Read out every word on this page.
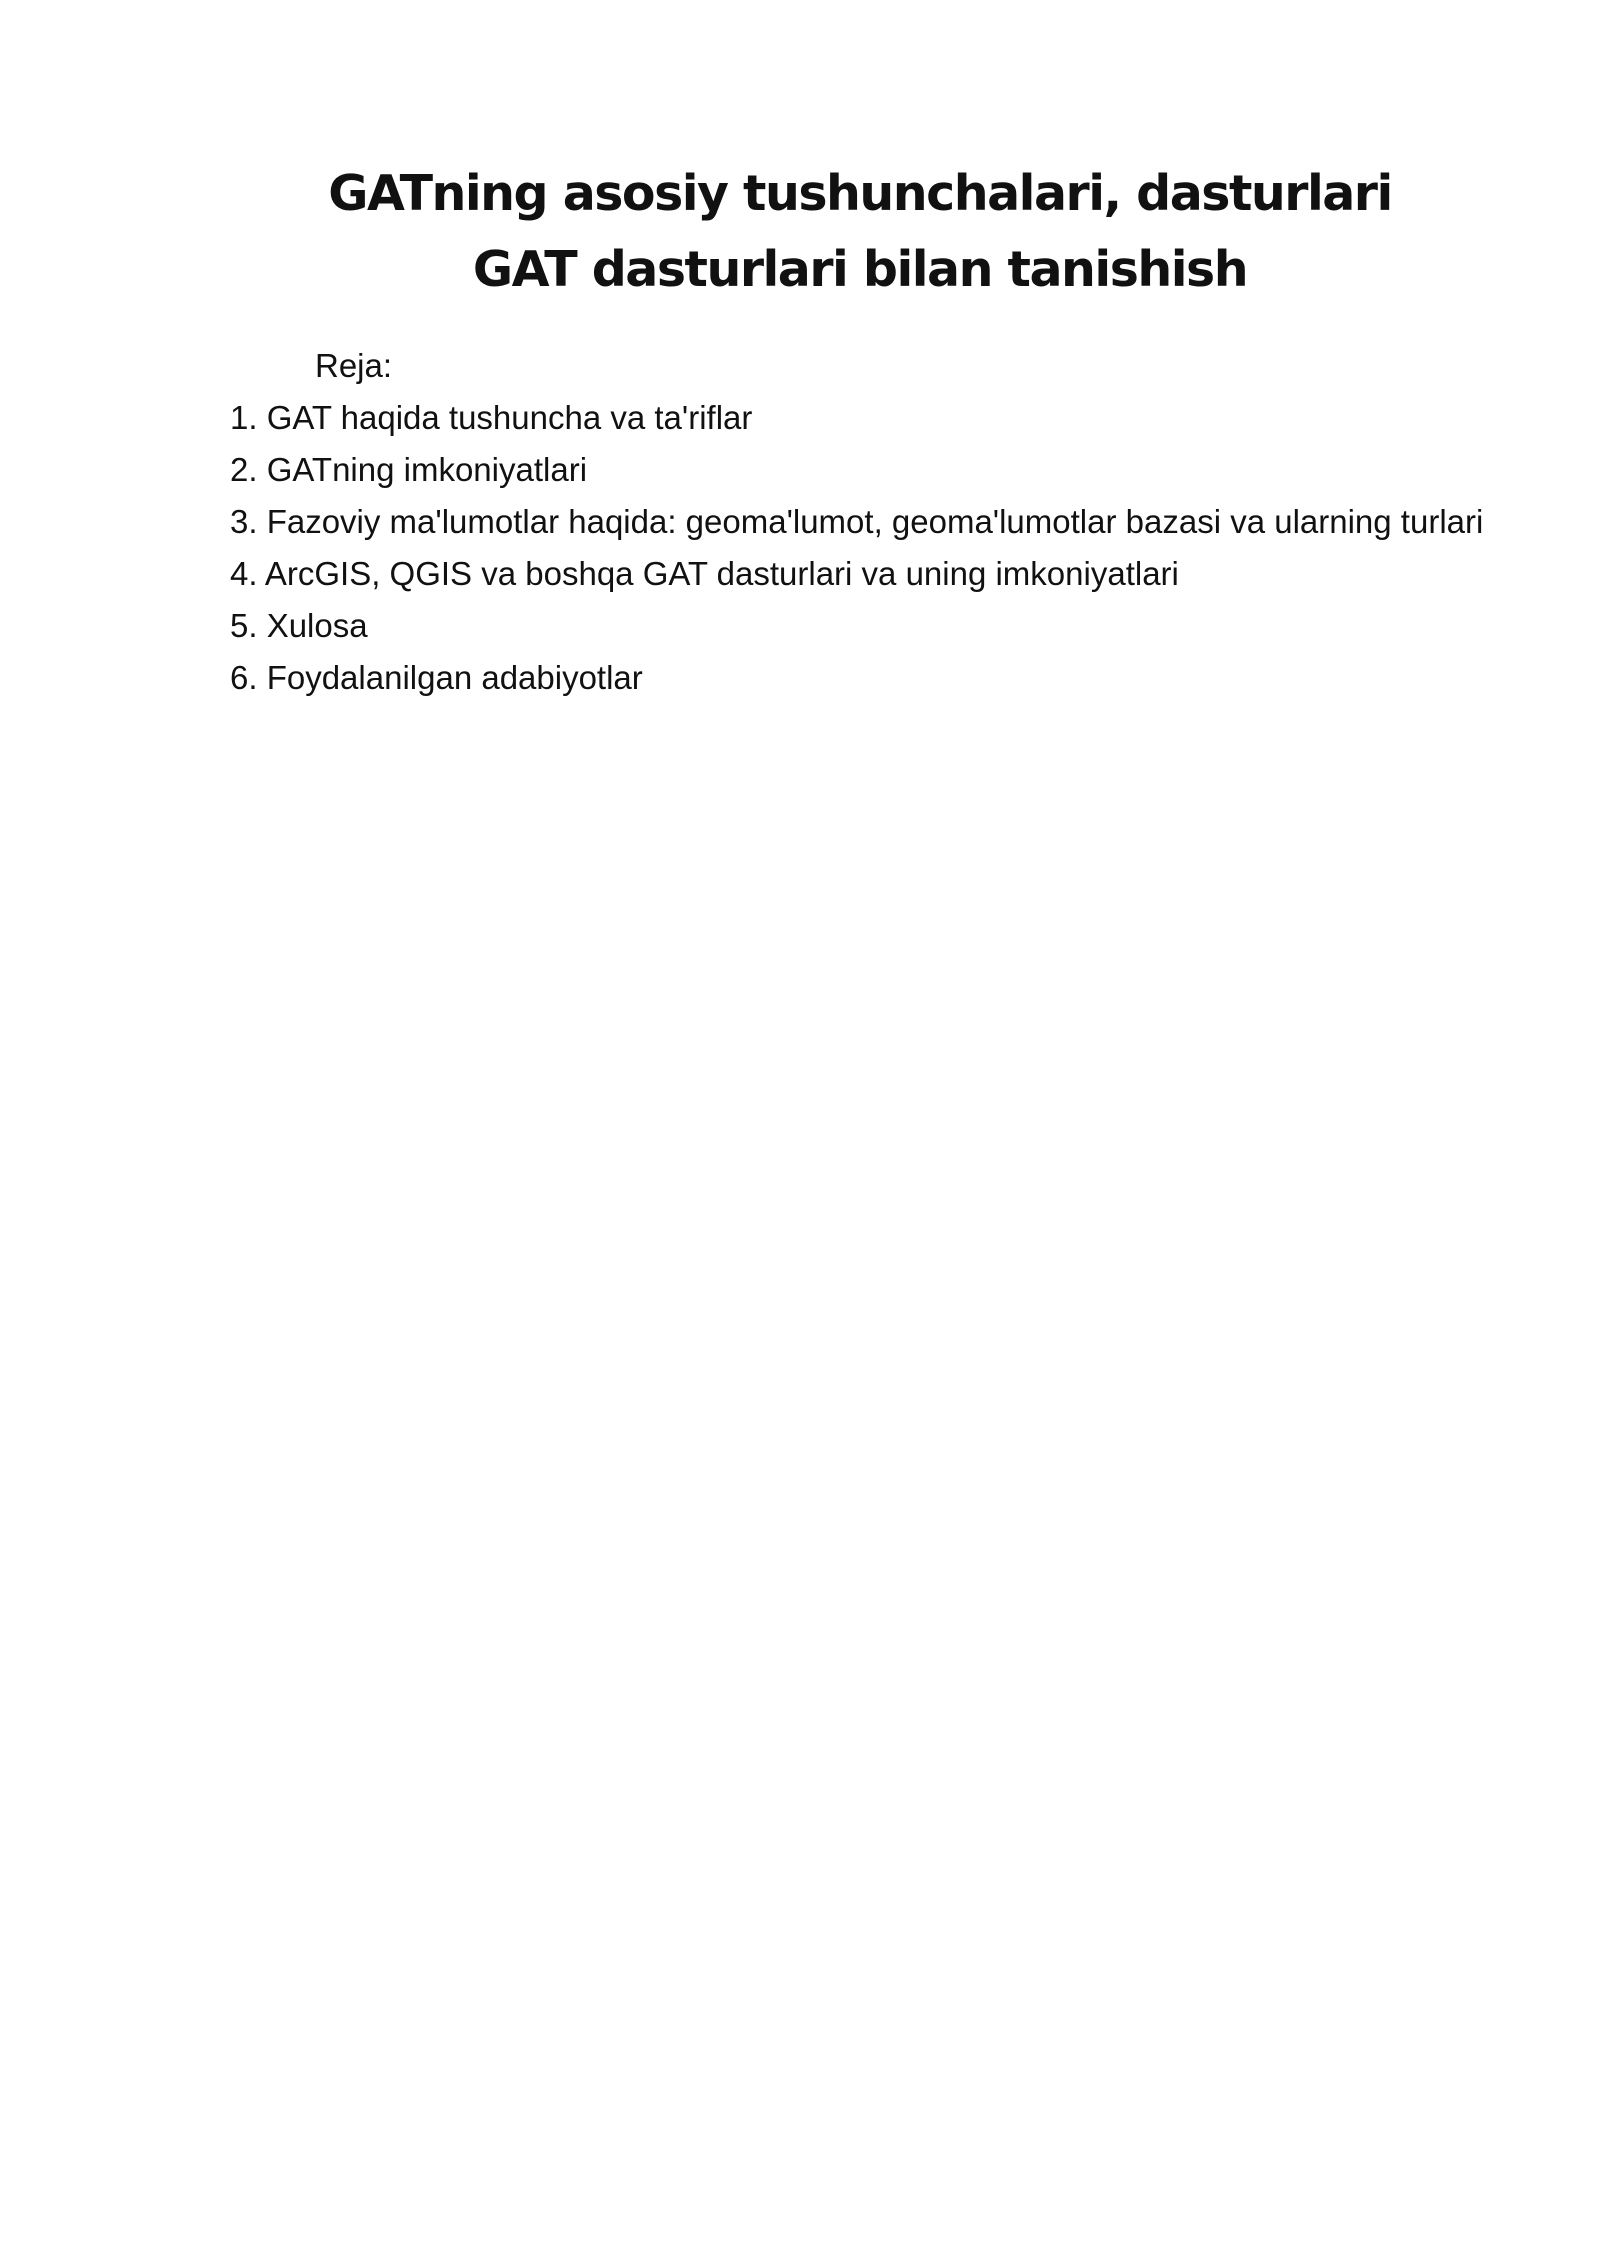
GATning asosiy tushunchalari, dasturlari
GAT dasturlari bilan tanishish
Reja:
1. GAT haqida tushuncha va ta'riflar
2. GATning imkoniyatlari
3. Fazoviy ma'lumotlar haqida: geoma'lumot, geoma'lumotlar bazasi va ularning turlari
4. ArcGIS, QGIS va boshqa GAT dasturlari va uning imkoniyatlari
5. Xulosa
6. Foydalanilgan adabiyotlar
